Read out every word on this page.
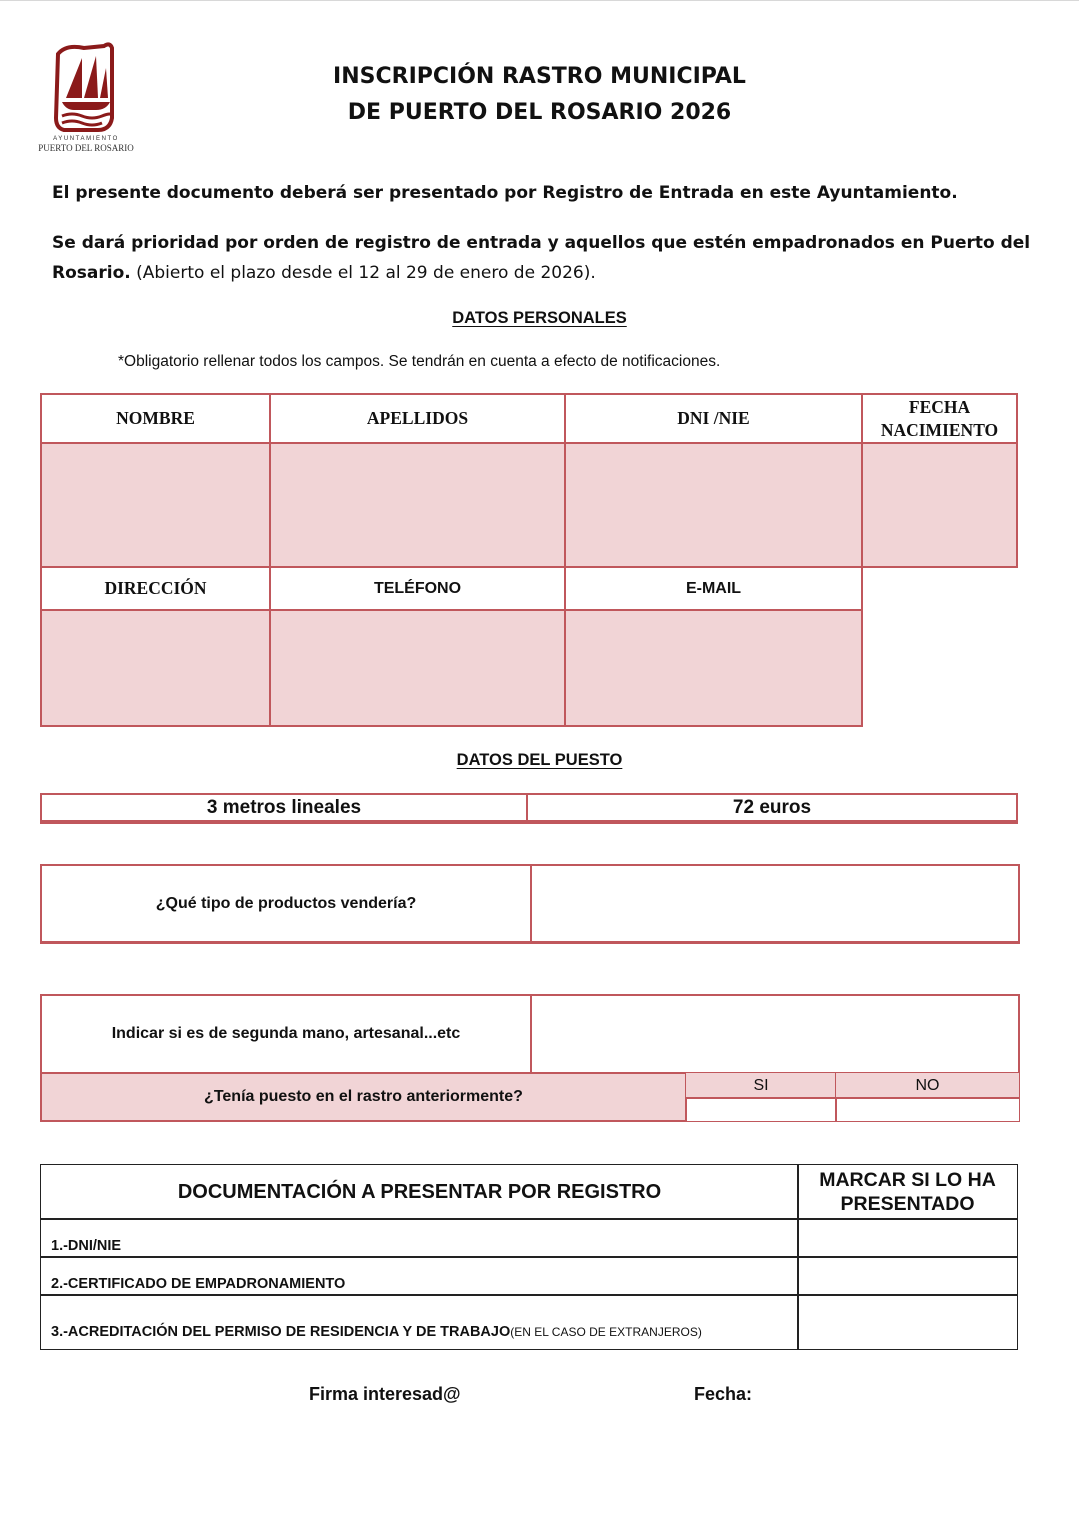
AYUNTAMIENTO
PUERTO DEL ROSARIO
INSCRIPCIÓN RASTRO MUNICIPAL
DE PUERTO DEL ROSARIO 2026
El presente documento deberá ser presentado por Registro de Entrada en este Ayuntamiento.
Se dará prioridad por orden de registro de entrada y aquellos que estén empadronados en Puerto del
Rosario. (Abierto el plazo desde el 12 al 29 de enero de 2026).
DATOS PERSONALES
*Obligatorio rellenar todos los campos. Se tendrán en cuenta a efecto de notificaciones.
NOMBRE	APELLIDOS	DNI /NIE
FECHA
NACIMIENTO
DIRECCIÓN	TELÉFONO	E-MAIL
DATOS DEL PUESTO
3 metros lineales	72 euros
¿Qué tipo de productos vendería?
Indicar si es de segunda mano, artesanal...etc
¿Tenía puesto en el rastro anteriormente?
SI	NO
DOCUMENTACIÓN A PRESENTAR POR REGISTRO
MARCAR SI LO HA
PRESENTADO
1.-DNI/NIE
2.-CERTIFICADO DE EMPADRONAMIENTO
3.-ACREDITACIÓN DEL PERMISO DE RESIDENCIA Y DE TRABAJO (EN EL CASO DE EXTRANJEROS)
Firma interesad@	Fecha:
